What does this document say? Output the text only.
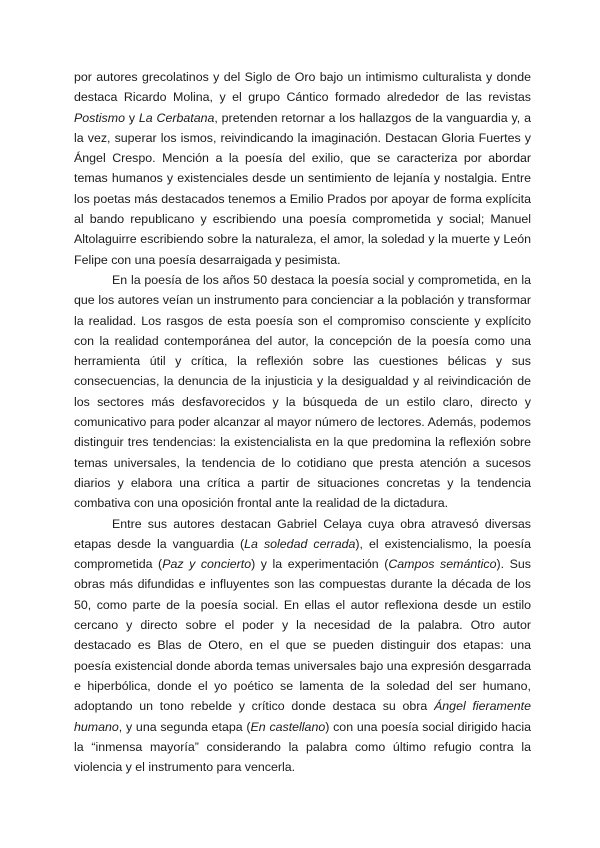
por autores grecolatinos y del Siglo de Oro bajo un intimismo culturalista y donde destaca Ricardo Molina, y el grupo Cántico formado alrededor de las revistas Postismo y La Cerbatana, pretenden retornar a los hallazgos de la vanguardia y, a la vez, superar los ismos, reivindicando la imaginación. Destacan Gloria Fuertes y Ángel Crespo. Mención a la poesía del exilio, que se caracteriza por abordar temas humanos y existenciales desde un sentimiento de lejanía y nostalgia. Entre los poetas más destacados tenemos a Emilio Prados por apoyar de forma explícita al bando republicano y escribiendo una poesía comprometida y social; Manuel Altolaguirre escribiendo sobre la naturaleza, el amor, la soledad y la muerte y León Felipe con una poesía desarraigada y pesimista.

En la poesía de los años 50 destaca la poesía social y comprometida, en la que los autores veían un instrumento para concienciar a la población y transformar la realidad. Los rasgos de esta poesía son el compromiso consciente y explícito con la realidad contemporánea del autor, la concepción de la poesía como una herramienta útil y crítica, la reflexión sobre las cuestiones bélicas y sus consecuencias, la denuncia de la injusticia y la desigualdad y al reivindicación de los sectores más desfavorecidos y la búsqueda de un estilo claro, directo y comunicativo para poder alcanzar al mayor número de lectores. Además, podemos distinguir tres tendencias: la existencialista en la que predomina la reflexión sobre temas universales, la tendencia de lo cotidiano que presta atención a sucesos diarios y elabora una crítica a partir de situaciones concretas y la tendencia combativa con una oposición frontal ante la realidad de la dictadura.

Entre sus autores destacan Gabriel Celaya cuya obra atravesó diversas etapas desde la vanguardia (La soledad cerrada), el existencialismo, la poesía comprometida (Paz y concierto) y la experimentación (Campos semántico). Sus obras más difundidas e influyentes son las compuestas durante la década de los 50, como parte de la poesía social. En ellas el autor reflexiona desde un estilo cercano y directo sobre el poder y la necesidad de la palabra. Otro autor destacado es Blas de Otero, en el que se pueden distinguir dos etapas: una poesía existencial donde aborda temas universales bajo una expresión desgarrada e hiperbólica, donde el yo poético se lamenta de la soledad del ser humano, adoptando un tono rebelde y crítico donde destaca su obra Ángel fieramente humano, y una segunda etapa (En castellano) con una poesía social dirigido hacia la “inmensa mayoría” considerando la palabra como último refugio contra la violencia y el instrumento para vencerla.
